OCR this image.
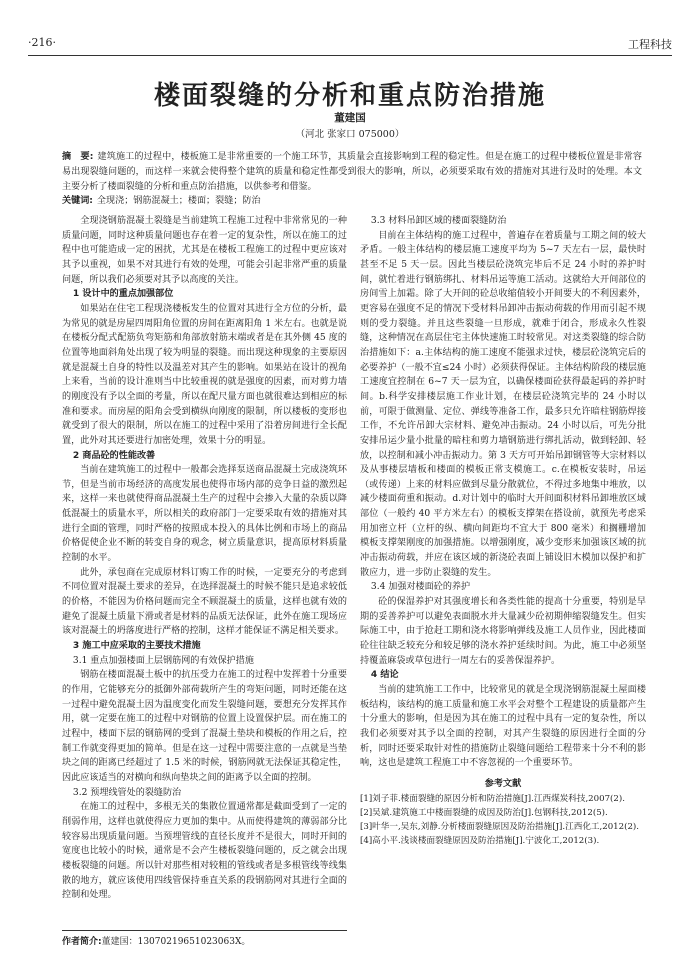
·216·	工程科技
楼面裂缝的分析和重点防治措施
董建国
（河北 张家口 075000）
摘　要: 建筑施工的过程中，楼板施工是非常重要的一个施工环节，其质量会直接影响到工程的稳定性。但是在施工的过程中楼板位置是非常容易出现裂缝问题的，而这样一来就会使得整个建筑的质量和稳定性都受到很大的影响，所以，必须要采取有效的措施对其进行及时的处理。本文主要分析了楼面裂缝的分析和重点防治措施，以供参考和借鉴。
关键词: 全现浇；钢筋混凝土；楼面；裂缝；防治

全现浇钢筋混凝土裂缝是当前建筑工程施工过程中非常常见的一种质量问题，同时这种质量问题也存在着一定的复杂性，所以在施工的过程中也可能造成一定的困扰，尤其是在楼板工程施工的过程中更应该对其予以重视，如果不对其进行有效的处理，可能会引起非常严重的质量问题，所以我们必须要对其予以高度的关注。

1 设计中的重点加强部位

如果站在住宅工程现浇楼板发生的位置对其进行全方位的分析，最为常见的就是房屋四周阳角位置的房间在距离阳角 1 米左右。也就是说在楼板分配式配筋负弯矩筋和角部放射筋末端或者是在其外侧 45 度的位置等地面斜角处出现了较为明显的裂缝。而出现这种现象的主要原因就是混凝土自身的特性以及温差对其产生的影响。如果站在设计的视角上来看，当前的设计准则当中比较重视的就是强度的因素，而对剪力墙的刚度没有予以全面的考量，所以在配尺量方面也就很难达到相应的标准和要求。而房屋的阳角会受到横纵向刚度的限制，所以楼板的变形也就受到了很大的限制，所以在施工的过程中采用了沿着房间进行全长配置，此外对其还要进行加密处理，效果十分的明显。

2 商品砼的性能改善

当前在建筑施工的过程中一般都会选择泵送商品混凝土完成浇筑环节，但是当前市场经济的高度发展也使得市场内部的竞争日益的激烈起来，这样一来也就使得商品混凝土生产的过程中会掺入大量的杂质以降低混凝土的质量水平，所以相关的政府部门一定要采取有效的措施对其进行全面的管理，同时严格的按照成本投入的具体比例和市场上的商品价格促使企业不断的转变自身的观念，树立质量意识，提高原材料质量控制的水平。

此外，承包商在完成原材料订购工作的时候，一定要充分的考虑到不同位置对混凝土要求的差异，在选择混凝土的时候不能只是追求较低的价格，不能因为价格问题而完全不顾混凝土的质量，这样也就有效的避免了混凝土质量下滑或者是材料的品质无法保证，此外在施工现场应该对混凝土的坍落度进行严格的控制，这样才能保证不满足相关要求。

3 施工中应采取的主要技术措施
3.1 重点加强楼面上层钢筋网的有效保护措施

钢筋在楼面混凝土板中的抗压受力在施工的过程中发挥着十分重要的作用，它能够充分的抵御外部荷载所产生的弯矩问题，同时还能在这一过程中避免混凝土因为温度变化而发生裂缝问题，要想充分发挥其作用，就一定要在施工的过程中对钢筋的位置上设置保护层。而在施工的过程中，楼面下层的钢筋网的受到了混凝土垫块和模板的作用之后，控制工作就变得更加的简单。但是在这一过程中需要注意的一点就是当垫块之间的距离已经超过了 1.5 米的时候，钢筋网就无法保证其稳定性，因此应该适当的对横向和纵向垫块之间的距离予以全面的控制。

3.2 预埋线管处的裂缝防治

在施工的过程中，多根无关的集散位置通常都是截面受到了一定的削弱作用，这样也就使得应力更加的集中。从而使得建筑的薄弱部分比较容易出现质量问题。当预埋管线的直径长度并不是很大，同时开间的宽度也比较小的时候，通常是不会产生楼板裂缝问题的，反之就会出现楼板裂缝的问题。所以针对那些相对较粗的管线或者是多根管线等线集散的地方，就应该使用四线管保持垂直关系的段钢筋网对其进行全面的控制和处理。

3.3 材料吊卸区域的楼面裂缝防治

目前在主体结构的施工过程中，普遍存在着质量与工期之间的较大矛盾。一般主体结构的楼层施工速度平均为 5~7 天左右一层，最快时甚至不足 5 天一层。因此当楼层砼浇筑完毕后不足 24 小时的养护时间，就忙着进行钢筋绑扎、材料吊运等施工活动。这就给大开间部位的房间雪上加霜。除了大开间的砼总收缩值较小开间要大的不利因素外，更容易在强度不足的情况下受材料吊卸冲击振动荷载的作用而引起不规则的受力裂缝。并且这些裂缝一旦形成，就难于闭合，形成永久性裂缝，这种情况在高层住宅主体快速施工时较常见。对这类裂缝的综合防治措施如下：a.主体结构的施工速度不能强求过快，楼层砼浇筑完后的必要养护（一般不宜≤24 小时）必须获得保证。主体结构阶段的楼层施工速度宜控制在 6~7 天一层为宜，以确保楼面砼获得最起码的养护时间。b.科学安排楼层施工作业计划，在楼层砼浇筑完毕的 24 小时以前，可限于做测量、定位、弹线等准备工作，最多只允许暗柱钢筋焊接工作，不允许吊卸大宗材料、避免冲击振动。24 小时以后，可先分批安排吊运少量小批量的暗柱和剪力墙钢筋进行绑扎活动，做到轻卸、轻放，以控制和减小冲击振动力。第 3 天方可开始吊卸钢管等大宗材料以及从事楼层墙板和楼面的模板正常支模施工。c.在模板安装时，吊运（或传递）上来的材料应做到尽量分散就位，不得过多地集中堆放，以减少楼面荷重和振动。d.对计划中的临时大开间面积材料吊卸堆放区域部位（一般约 40 平方米左右）的模板支撑架在搭设前，就预先考虑采用加密立杆（立杆的纵、横向间距均不宜大于 800 毫米）和搁栅增加模板支撑架刚度的加强措施。以增强刚度，减少变形来加强该区域的抗冲击振动荷载，并应在该区域的新浇砼表面上铺设旧木模加以保护和扩散应力，进一步防止裂缝的发生。

3.4 加强对楼面砼的养护

砼的保湿养护对其强度增长和各类性能的提高十分重要，特别是早期的妥善养护可以避免表面脱水并大量减少砼初期伸缩裂缝发生。但实际施工中，由于抢赶工期和浇水将影响弹线及施工人员作业，因此楼面砼往往缺乏较充分和较足够的浇水养护延续时间。为此，施工中必须坚持覆盖麻袋或草包进行一周左右的妥善保湿养护。

4 结论

当前的建筑施工工作中，比较常见的就是全现浇钢筋混凝土屋面楼板结构，该结构的施工质量和施工水平会对整个工程建设的质量都产生十分重大的影响，但是因为其在施工的过程中具有一定的复杂性，所以我们必须要对其予以全面的控制，对其产生裂缝的原因进行全面的分析，同时还要采取针对性的措施防止裂缝问题给工程带来十分不利的影响，这也是建筑工程施工中不容忽视的一个重要环节。

参考文献
[1]刘子菲.楼面裂缝的原因分析和防治措施[J].江西煤炭科技,2007(2).
[2]吴斌.建筑施工中楼面裂缝的成因及防治[J].包钢科技,2012(5).
[3]叶华一,吴东,刘静.分析楼面裂缝原因及防治措施[J].江西化工,2012(2).
[4]高小平.浅谈楼面裂缝原因及防治措施[J].宁波化工,2012(3).
作者简介:董建国：13070219651023063X。
